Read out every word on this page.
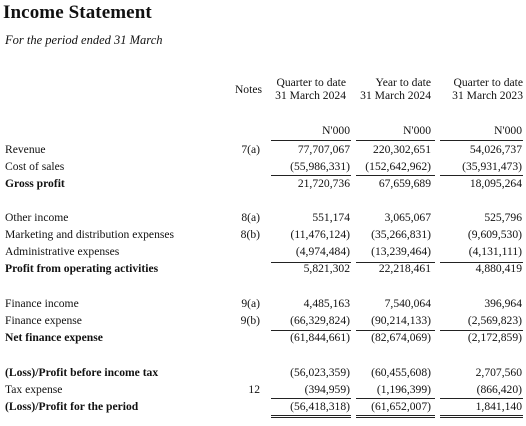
Income Statement
For the period ended 31 March
Notes
Quarter to date
31 March 2024
Year to date
31 March 2024
Quarter to date
31 March 2023
N'000	N'000	N'000
Revenue	7(a)	77,707,067 220,302,651	54,026,737
Cost of sales	(55,986,331) (152,642,962)	(35,931,473)
Gross profit	21,720,736 67,659,689	18,095,264
Other income	8(a)	551,174	3,065,067	525,796
Marketing and distribution expenses	8(b)	(11,476,124) (35,266,831)	(9,609,530)
Administrative expenses	(4,974,484) (13,239,464)	(4,131,111)
Profit from operating activities	5,821,302 22,218,461	4,880,419
Finance income	9(a)	4,485,163	7,540,064	396,964
Finance expense	9(b)	(66,329,824) (90,214,133)	(2,569,823)
Net finance expense	(61,844,661) (82,674,069)	(2,172,859)
(Loss)/Profit before income tax	(56,023,359) (60,455,608)	2,707,560
Tax expense	12	(394,959) (1,196,399)	(866,420)
(Loss)/Profit for the period	(56,418,318) (61,652,007)	1,841,140
